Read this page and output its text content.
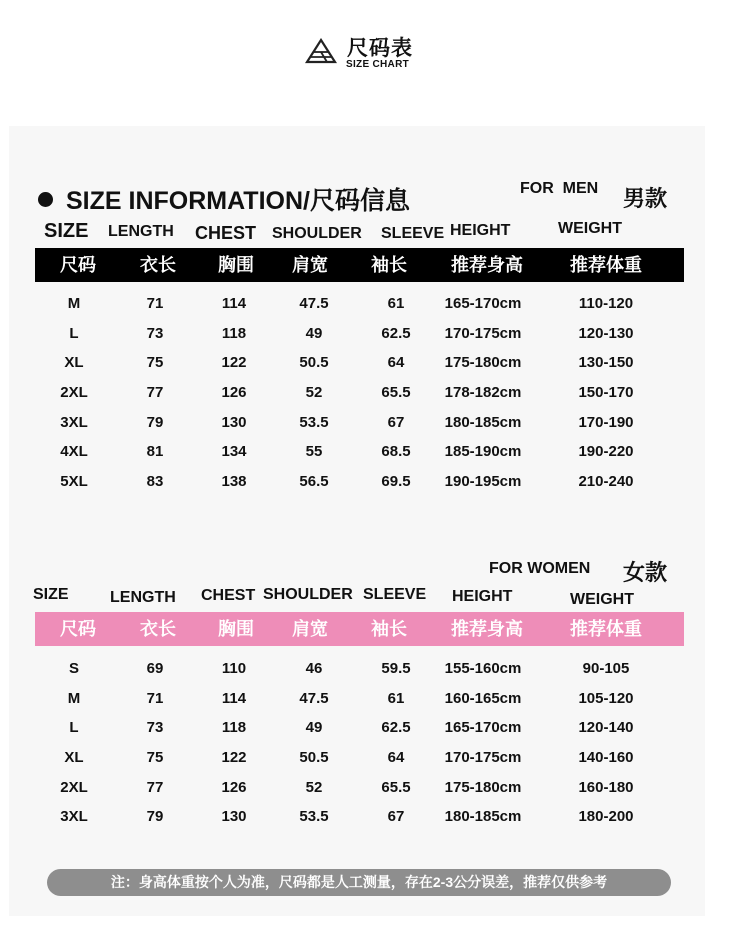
尺码表
SIZE CHART
SIZE INFORMATION/尺码信息	FOR  MEN 男款
SIZE LENGTH CHEST SHOULDER SLEEVE HEIGHT	WEIGHT
尺码 衣长 胸围 肩宽 袖长 推荐身高	推荐体重
M	71	114	47.5	61	165-170cm	110-120
L	73	118	49	62.5 170-175cm	120-130
XL	75	122	50.5	64	175-180cm	130-150
2XL	77	126	52	65.5 178-182cm	150-170
3XL	79	130	53.5	67	180-185cm	170-190
4XL	81	134	55	68.5 185-190cm	190-220
5XL	83	138	56.5	69.5 190-195cm	210-240
FOR WOMEN 女款
SIZE	LENGTH CHEST SHOULDER SLEEVE HEIGHT	WEIGHT
尺码 衣长 胸围 肩宽 袖长 推荐身高	推荐体重
S	69	110	46	59.5 155-160cm	90-105
M	71	114	47.5	61	160-165cm	105-120
L	73	118	49	62.5 165-170cm	120-140
XL	75	122	50.5	64	170-175cm	140-160
2XL	77	126	52	65.5 175-180cm	160-180
3XL	79	130	53.5	67	180-185cm	180-200
注：身高体重按个人为准，尺码都是人工测量，存在2-3公分误差，推荐仅供参考
